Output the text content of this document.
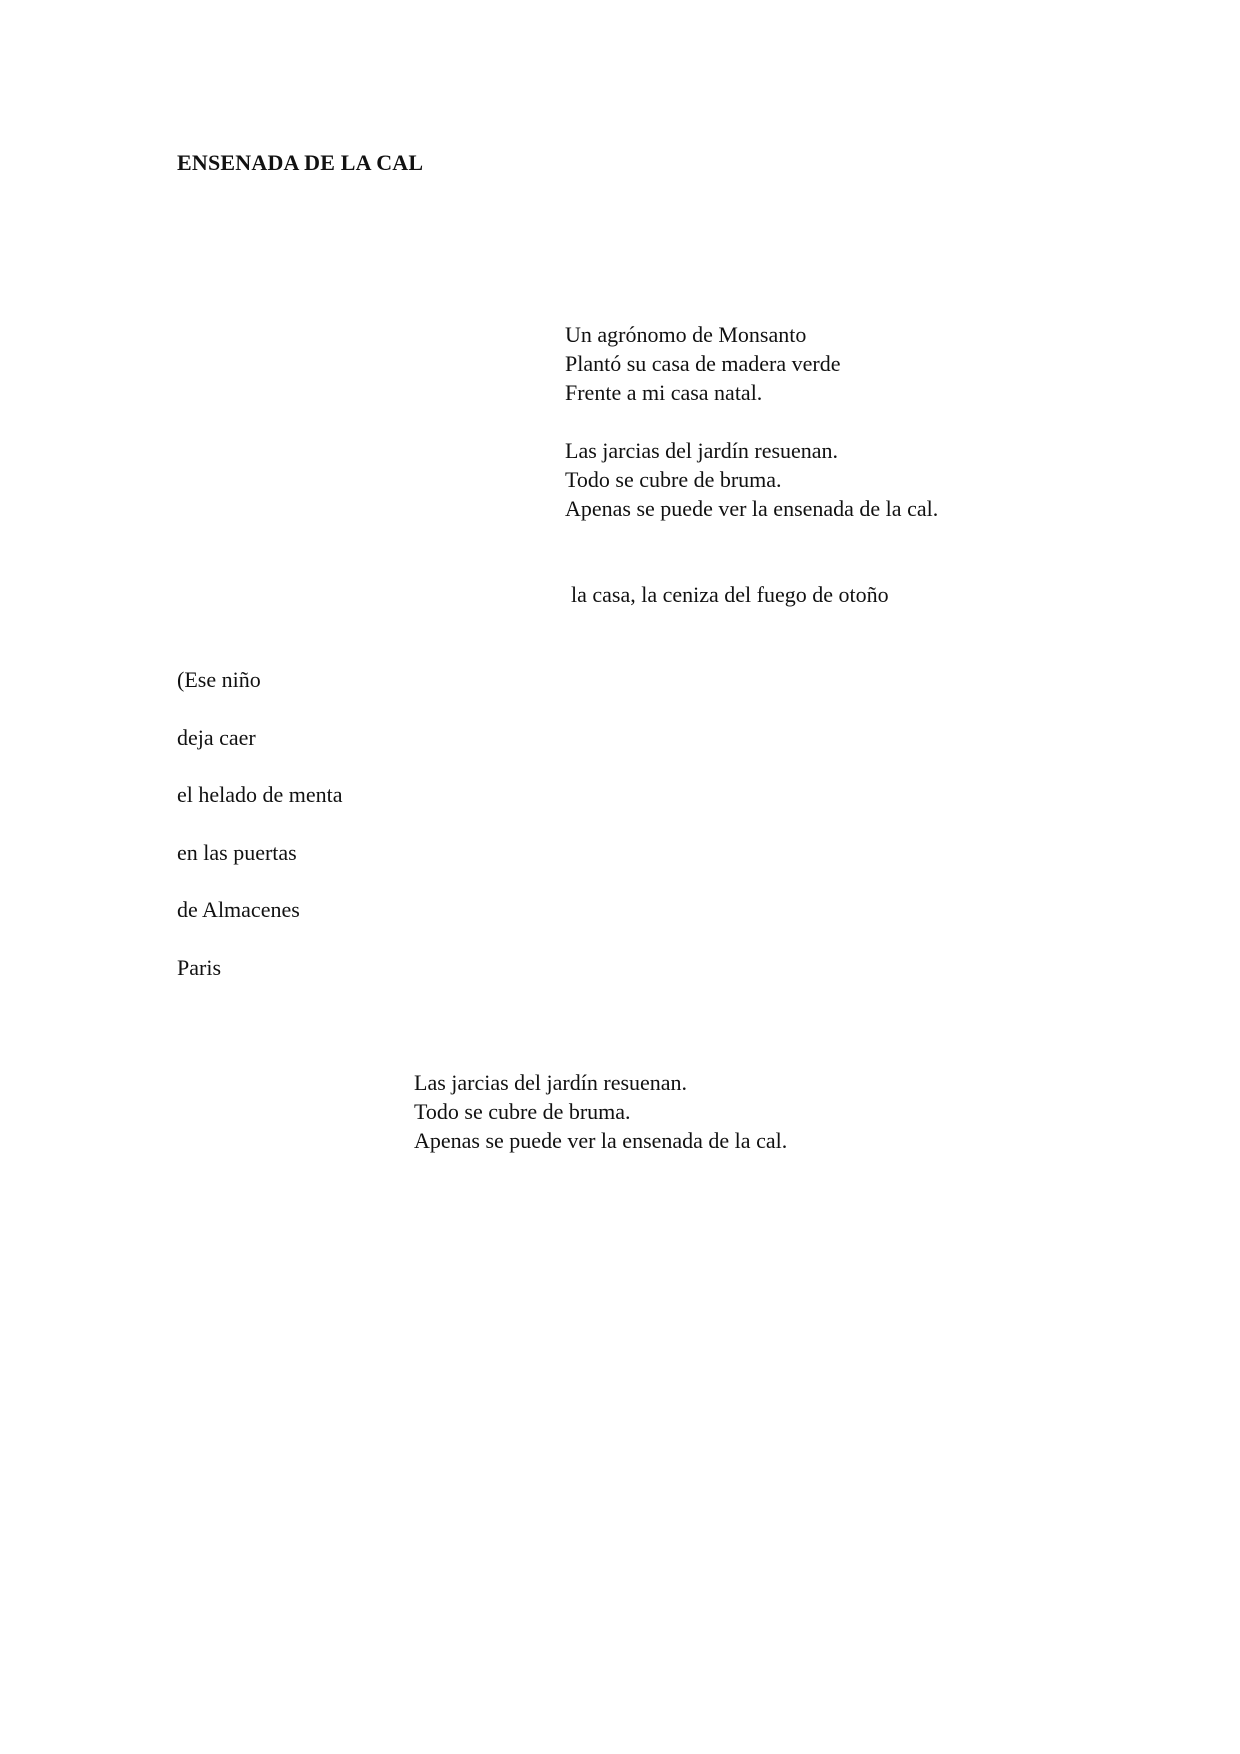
ENSENADA DE LA CAL
Un agrónomo de Monsanto
Plantó su casa de madera verde
Frente a mi casa natal.
Las jarcias del jardín resuenan.
Todo se cubre de bruma.
Apenas se puede ver la ensenada de la cal.
la casa, la ceniza del fuego de otoño
(Ese niño
deja caer
el helado de menta
en las puertas
de Almacenes
Paris
Las jarcias del jardín resuenan.
Todo se cubre de bruma.
Apenas se puede ver la ensenada de la cal.
